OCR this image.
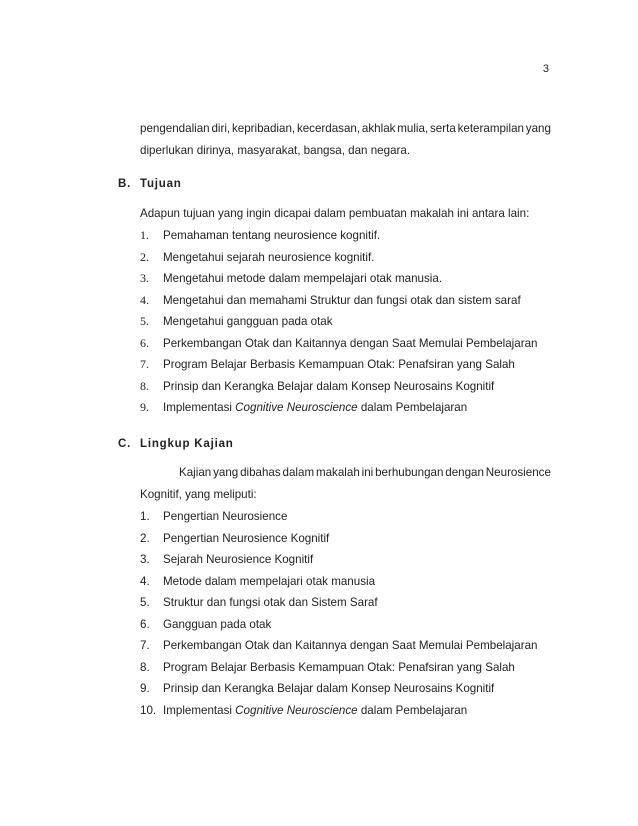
3
pengendalian diri, kepribadian, kecerdasan, akhlak mulia, serta keterampilan yang
diperlukan dirinya, masyarakat, bangsa, dan negara.
B. Tujuan
Adapun tujuan yang ingin dicapai dalam pembuatan makalah ini antara lain:
1.	Pemahaman tentang neurosience kognitif.
2.	Mengetahui sejarah neurosience kognitif.
3.	Mengetahui metode dalam mempelajari otak manusia.
4.	Mengetahui dan memahami Struktur dan fungsi otak dan sistem saraf
5.	Mengetahui gangguan pada otak
6.	Perkembangan Otak dan Kaitannya dengan Saat Memulai Pembelajaran
7.	Program Belajar Berbasis Kemampuan Otak: Penafsiran yang Salah
8.	Prinsip dan Kerangka Belajar dalam Konsep Neurosains Kognitif
9.	Implementasi Cognitive Neuroscience dalam Pembelajaran
C. Lingkup Kajian
Kajian yang dibahas dalam makalah ini berhubungan dengan Neurosience
Kognitif, yang meliputi:
1.	Pengertian Neurosience
2.	Pengertian Neurosience Kognitif
3.	Sejarah Neurosience Kognitif
4.	Metode dalam mempelajari otak manusia
5.	Struktur dan fungsi otak dan Sistem Saraf
6.	Gangguan pada otak
7.	Perkembangan Otak dan Kaitannya dengan Saat Memulai Pembelajaran
8.	Program Belajar Berbasis Kemampuan Otak: Penafsiran yang Salah
9.	Prinsip dan Kerangka Belajar dalam Konsep Neurosains Kognitif
10. Implementasi Cognitive Neuroscience dalam Pembelajaran
